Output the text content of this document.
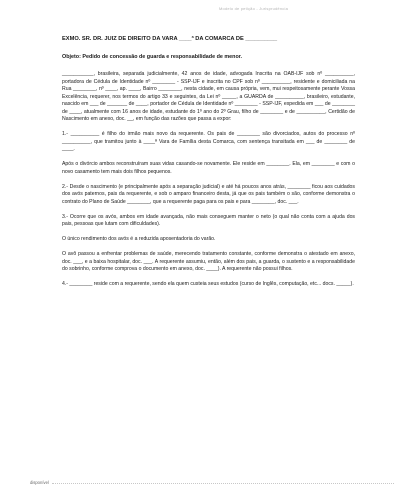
Modelo de petição - Jurisprudência

EXMO. SR. DR. JUIZ DE DIREITO DA VARA ____ª DA COMARCA DE __________

Objeto: Pedido de concessão de guarda e responsabilidade de menor.

___________, brasileira, separada judicialmente, 42 anos de idade, advogada Inscrita na OAB-IJF sob nº __________, portadora de Cédula de Identidade nº ________ - SSP-IJF e inscrita no CPF sob nº __________, residente e domiciliada na Rua ________, nº ____, ap. ____, Bairro ________, nesta cidade, em causa própria, vem, mui respeitosamente perante Vossa Excelência, requerer, nos termos do artigo 33 e seguintes, da Lei nº _____, a GUARDA de __________, brasileiro, estudante, nascido em ___ de _______ de ____, portador de Cédula de Identidade nº ________ - SSP-IJF, expedida em ___ de ________ de ____, atualmente com 16 anos de idade, estudante do 1º ano do 2º Grau, filho de ________ e de __________, Certidão de Nascimento em anexo, doc. __, em função das razões que passa a expor:

1.- __________ é filho do irmão mais novo da requerente. Os pais de ________ são divorciados, autos do processo nº __________, que tramitou junto à ____ª Vara de Família desta Comarca, com sentença transitada em ___ de ________ de ____.

Após o divórcio ambos reconstruíram suas vidas casando-se novamente. Ele reside em ________. Ela, em ________ e com o novo casamento tem mais dois filhos pequenos.

2.- Desde o nascimento (e principalmente após a separação judicial) e até há poucos anos atrás, ________ ficou aos cuidados dos avós paternos, pais da requerente, e sob o amparo financeiro desta, já que os pais também o são, conforme demonstra o contrato do Plano de Saúde ________, que a requerente paga para os pais e para ________, doc. ___.

3.- Ocorre que os avós, ambos em idade avançada, não mais conseguem manter o neto (o qual não conta com a ajuda dos pais, pessoas que lutam com dificuldades).

O único rendimento dos avós é a reduzida aposentadoria do varão.

O avô passou a enfrentar problemas de saúde, merecendo tratamento constante, conforme demonstra o atestado em anexo, doc. ___, e a baixa hospitalar, doc. ___. A requerente assumiu, então, além dos pais, a guarda, o sustento e a responsabilidade do sobrinho, conforme comprova o documento em anexo, doc. ____). A requerente não possui filhos.

4.- ________ reside com a requerente, sendo ela quem custeia seus estudos (curso de Inglês, computação, etc... docs. _____).

disponível
